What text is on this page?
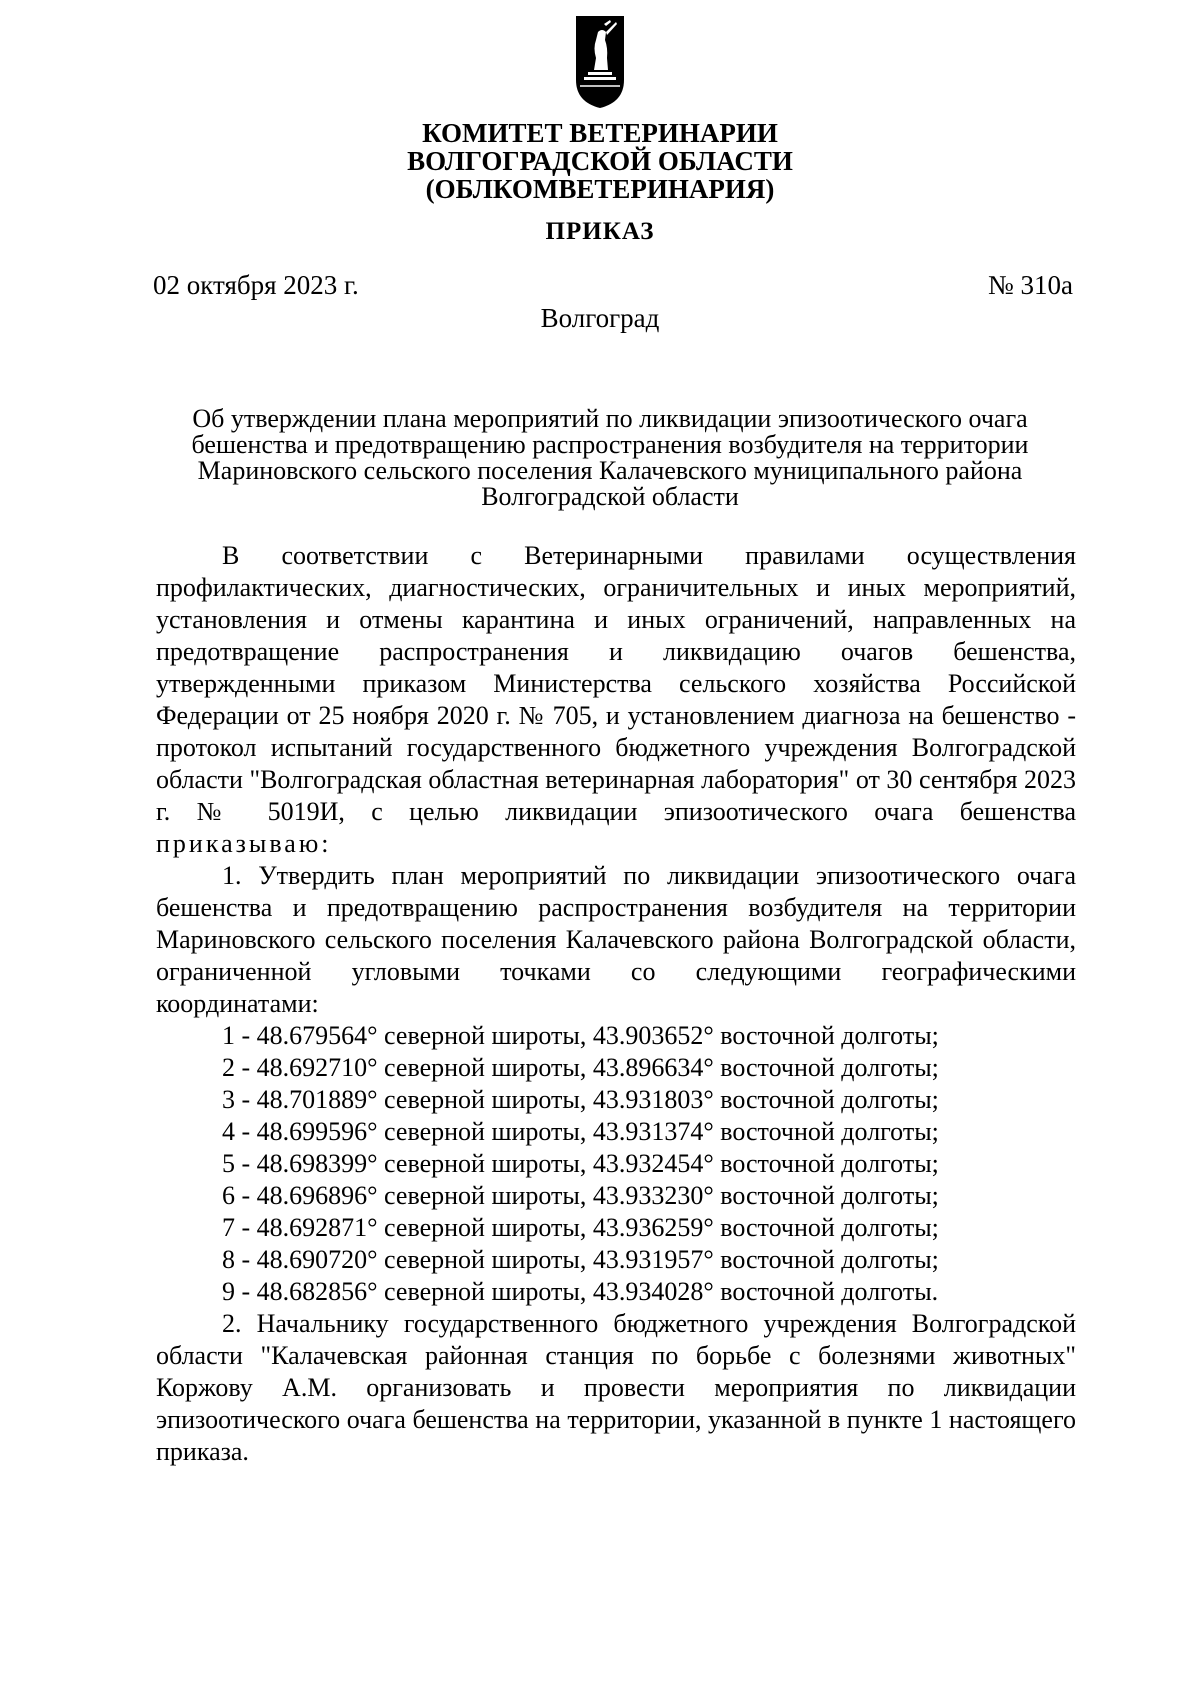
КОМИТЕТ ВЕТЕРИНАРИИ
ВОЛГОГРАДСКОЙ ОБЛАСТИ
(ОБЛКОМВЕТЕРИНАРИЯ)
ПРИКАЗ
02 октября 2023 г.	№ 310а
Волгоград
Об утверждении плана мероприятий по ликвидации эпизоотического очага
бешенства и предотвращению распространения возбудителя на территории
Мариновского сельского поселения Калачевского муниципального района
Волгоградской области

В соответствии с Ветеринарными правилами осуществления профилактических, диагностических, ограничительных и иных мероприятий, установления и отмены карантина и иных ограничений, направленных на предотвращение распространения и ликвидацию очагов бешенства, утвержденными приказом Министерства сельского хозяйства Российской Федерации от 25 ноября 2020 г. № 705, и установлением диагноза на бешенство - протокол испытаний государственного бюджетного учреждения Волгоградской области "Волгоградская областная ветеринарная лаборатория" от 30 сентября 2023 г. № 5019И, с целью ликвидации эпизоотического очага бешенства приказываю:

1. Утвердить план мероприятий по ликвидации эпизоотического очага бешенства и предотвращению распространения возбудителя на территории Мариновского сельского поселения Калачевского района Волгоградской области, ограниченной угловыми точками со следующими географическими координатами:

1 - 48.679564° северной широты, 43.903652° восточной долготы;

2 - 48.692710° северной широты, 43.896634° восточной долготы;

3 - 48.701889° северной широты, 43.931803° восточной долготы;

4 - 48.699596° северной широты, 43.931374° восточной долготы;

5 - 48.698399° северной широты, 43.932454° восточной долготы;

6 - 48.696896° северной широты, 43.933230° восточной долготы;

7 - 48.692871° северной широты, 43.936259° восточной долготы;

8 - 48.690720° северной широты, 43.931957° восточной долготы;

9 - 48.682856° северной широты, 43.934028° восточной долготы.

2. Начальнику государственного бюджетного учреждения Волгоградской области "Калачевская районная станция по борьбе с болезнями животных" Коржову А.М. организовать и провести мероприятия по ликвидации эпизоотического очага бешенства на территории, указанной в пункте 1 настоящего приказа.
